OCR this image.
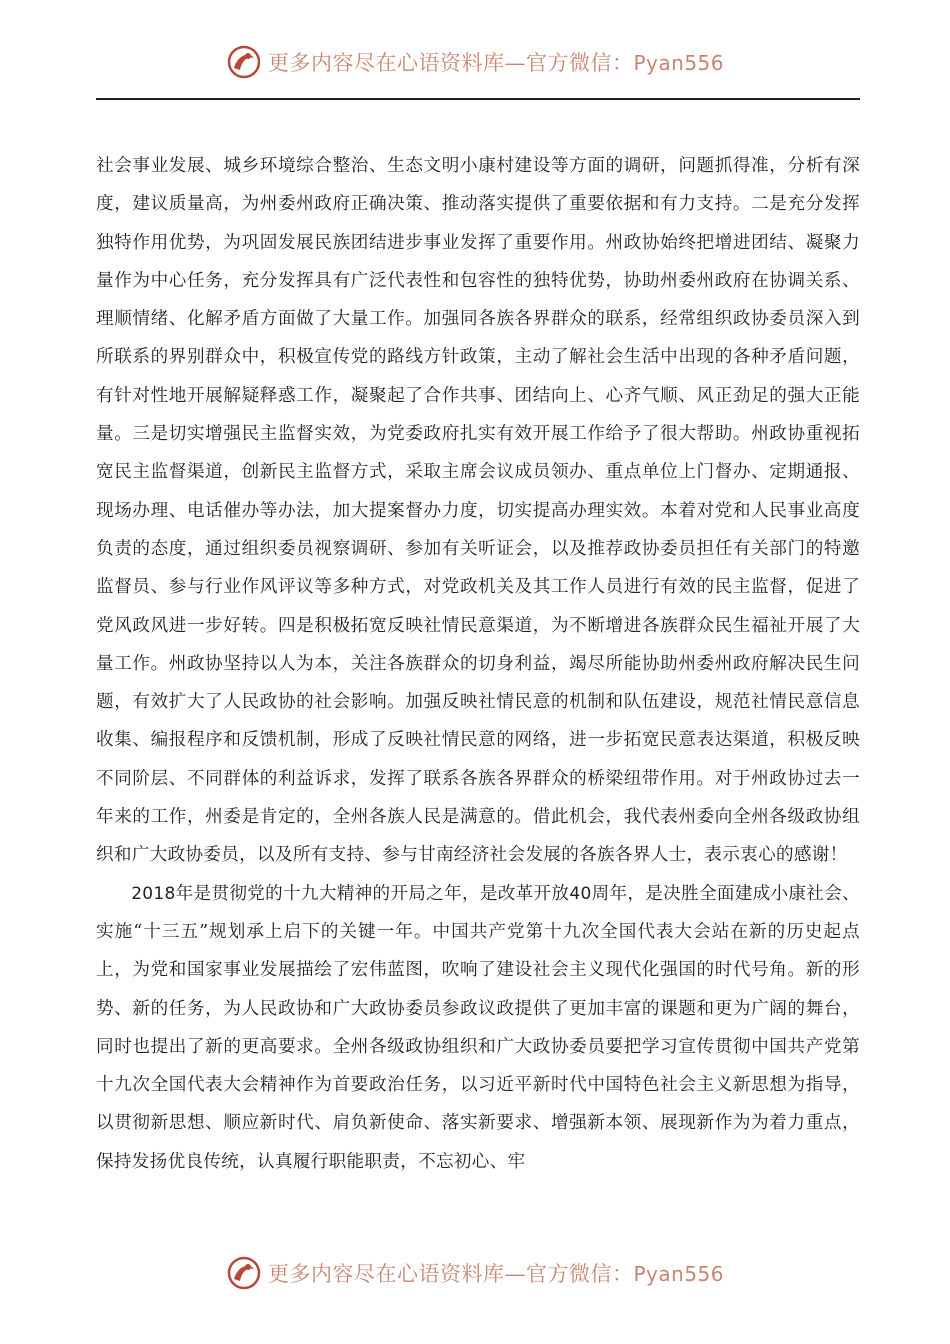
更多内容尽在心语资料库—官方微信：Pyan556

社会事业发展、城乡环境综合整治、生态文明小康村建设等方面的调研，问题抓得准，分析有深度，建议质量高，为州委州政府正确决策、推动落实提供了重要依据和有力支持。二是充分发挥独特作用优势，为巩固发展民族团结进步事业发挥了重要作用。州政协始终把增进团结、凝聚力量作为中心任务，充分发挥具有广泛代表性和包容性的独特优势，协助州委州政府在协调关系、理顺情绪、化解矛盾方面做了大量工作。加强同各族各界群众的联系，经常组织政协委员深入到所联系的界别群众中，积极宣传党的路线方针政策，主动了解社会生活中出现的各种矛盾问题，有针对性地开展解疑释惑工作，凝聚起了合作共事、团结向上、心齐气顺、风正劲足的强大正能量。三是切实增强民主监督实效，为党委政府扎实有效开展工作给予了很大帮助。州政协重视拓宽民主监督渠道，创新民主监督方式，采取主席会议成员领办、重点单位上门督办、定期通报、现场办理、电话催办等办法，加大提案督办力度，切实提高办理实效。本着对党和人民事业高度负责的态度，通过组织委员视察调研、参加有关听证会，以及推荐政协委员担任有关部门的特邀监督员、参与行业作风评议等多种方式，对党政机关及其工作人员进行有效的民主监督，促进了党风政风进一步好转。四是积极拓宽反映社情民意渠道，为不断增进各族群众民生福祉开展了大量工作。州政协坚持以人为本，关注各族群众的切身利益，竭尽所能协助州委州政府解决民生问题，有效扩大了人民政协的社会影响。加强反映社情民意的机制和队伍建设，规范社情民意信息收集、编报程序和反馈机制，形成了反映社情民意的网络，进一步拓宽民意表达渠道，积极反映不同阶层、不同群体的利益诉求，发挥了联系各族各界群众的桥梁纽带作用。对于州政协过去一年来的工作，州委是肯定的，全州各族人民是满意的。借此机会，我代表州委向全州各级政协组织和广大政协委员，以及所有支持、参与甘南经济社会发展的各族各界人士，表示衷心的感谢！

2018年是贯彻党的十九大精神的开局之年，是改革开放40周年，是决胜全面建成小康社会、实施“十三五”规划承上启下的关键一年。中国共产党第十九次全国代表大会站在新的历史起点上，为党和国家事业发展描绘了宏伟蓝图，吹响了建设社会主义现代化强国的时代号角。新的形势、新的任务，为人民政协和广大政协委员参政议政提供了更加丰富的课题和更为广阔的舞台，同时也提出了新的更高要求。全州各级政协组织和广大政协委员要把学习宣传贯彻中国共产党第十九次全国代表大会精神作为首要政治任务，以习近平新时代中国特色社会主义新思想为指导，以贯彻新思想、顺应新时代、肩负新使命、落实新要求、增强新本领、展现新作为为着力重点，保持发扬优良传统，认真履行职能职责，不忘初心、牢

更多内容尽在心语资料库—官方微信：Pyan556
